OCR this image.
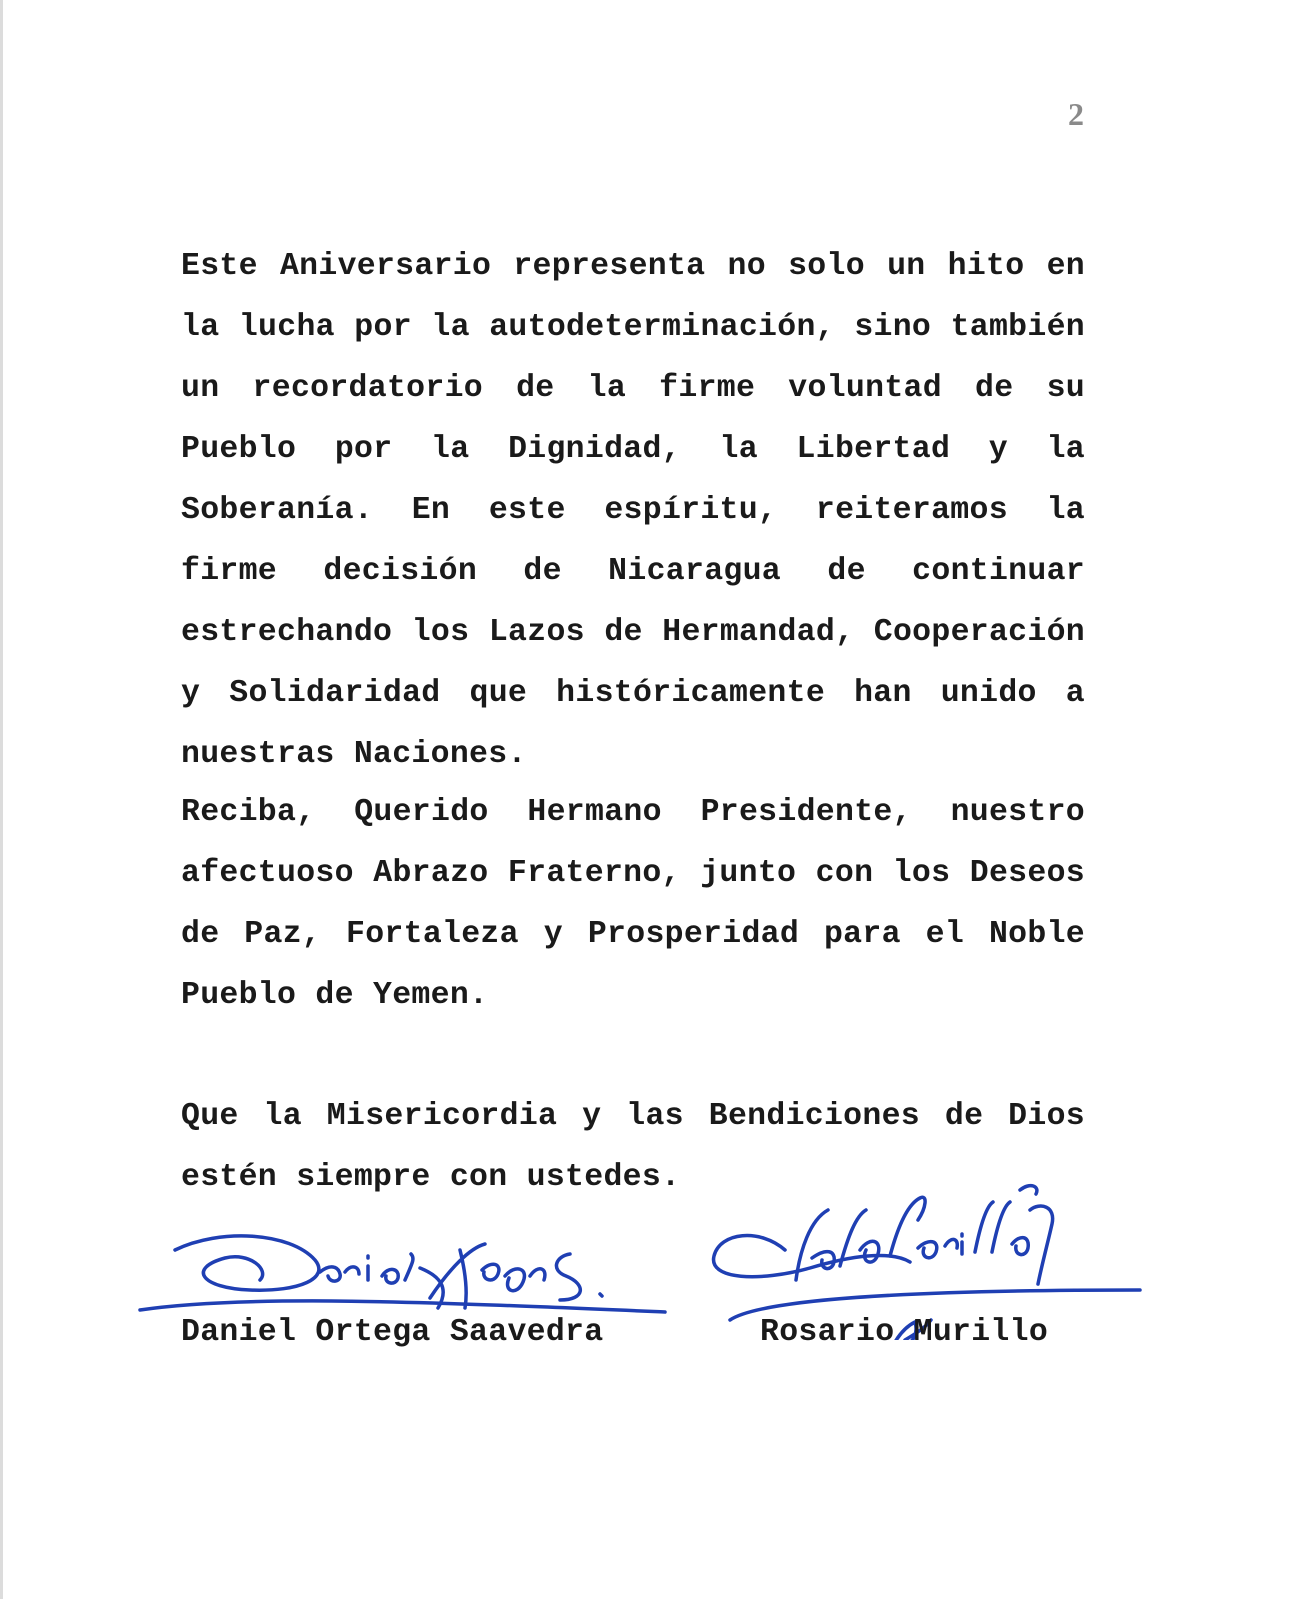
2

Este Aniversario representa no solo un hito en la lucha por la autodeterminación, sino también un recordatorio de la firme voluntad de su Pueblo por la Dignidad, la Libertad y la Soberanía. En este espíritu, reiteramos la firme decisión de Nicaragua de continuar estrechando los Lazos de Hermandad, Cooperación y Solidaridad que históricamente han unido a nuestras Naciones.

Reciba, Querido Hermano Presidente, nuestro afectuoso Abrazo Fraterno, junto con los Deseos de Paz, Fortaleza y Prosperidad para el Noble Pueblo de Yemen.

Que la Misericordia y las Bendiciones de Dios estén siempre con ustedes.

Daniel Ortega Saavedra	Rosario Murillo
